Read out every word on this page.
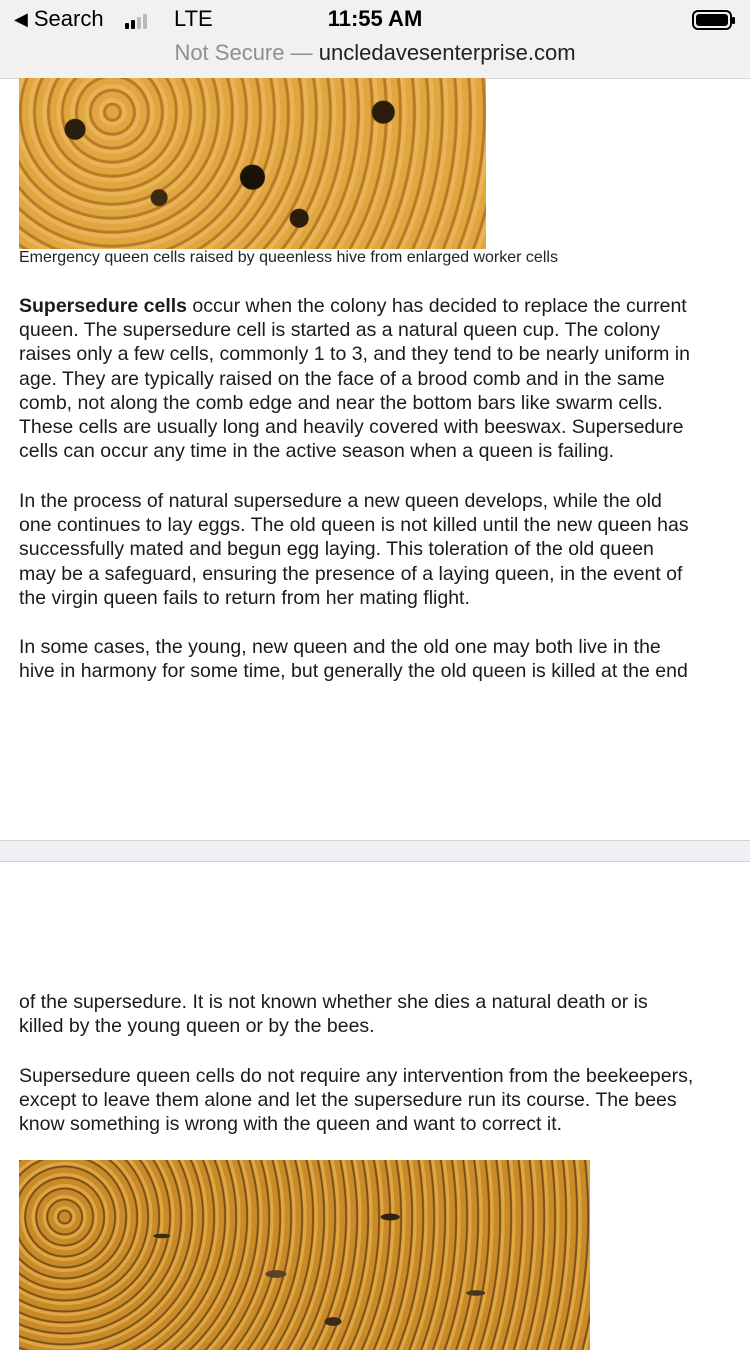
◀ Search	LTE	11:55 AM
Not Secure — uncledavesenterprise.com
Emergency queen cells raised by queenless hive from enlarged worker cells
Supersedure cells occur when the colony has decided to replace the current
queen. The supersedure cell is started as a natural queen cup. The colony
raises only a few cells, commonly 1 to 3, and they tend to be nearly uniform in
age. They are typically raised on the face of a brood comb and in the same
comb, not along the comb edge and near the bottom bars like swarm cells.
These cells are usually long and heavily covered with beeswax. Supersedure
cells can occur any time in the active season when a queen is failing.
In the process of natural supersedure a new queen develops, while the old
one continues to lay eggs. The old queen is not killed until the new queen has
successfully mated and begun egg laying. This toleration of the old queen
may be a safeguard, ensuring the presence of a laying queen, in the event of
the virgin queen fails to return from her mating flight.
In some cases, the young, new queen and the old one may both live in the
hive in harmony for some time, but generally the old queen is killed at the end
of the supersedure. It is not known whether she dies a natural death or is
killed by the young queen or by the bees.
Supersedure queen cells do not require any intervention from the beekeepers,
except to leave them alone and let the supersedure run its course. The bees
know something is wrong with the queen and want to correct it.
